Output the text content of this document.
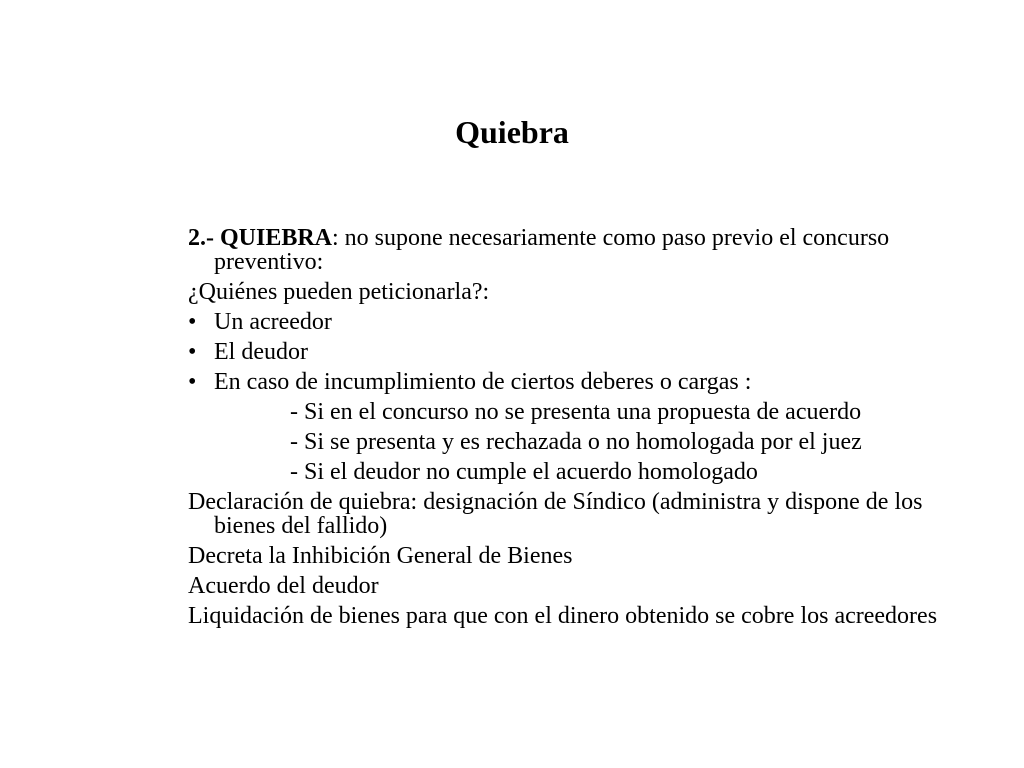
Quiebra
2.- QUIEBRA: no supone necesariamente como paso previo el concurso preventivo:
¿Quiénes pueden peticionarla?:
• Un acreedor
• El deudor
• En caso de incumplimiento de ciertos deberes o cargas :
- Si en el concurso no se presenta una propuesta de acuerdo
- Si se presenta y es rechazada o no homologada por el juez
- Si el deudor no cumple el acuerdo homologado
Declaración de quiebra: designación de Síndico (administra y dispone de los bienes del fallido)
Decreta la Inhibición General de Bienes
Acuerdo del deudor
Liquidación de bienes para que con el dinero obtenido se cobre los acreedores
